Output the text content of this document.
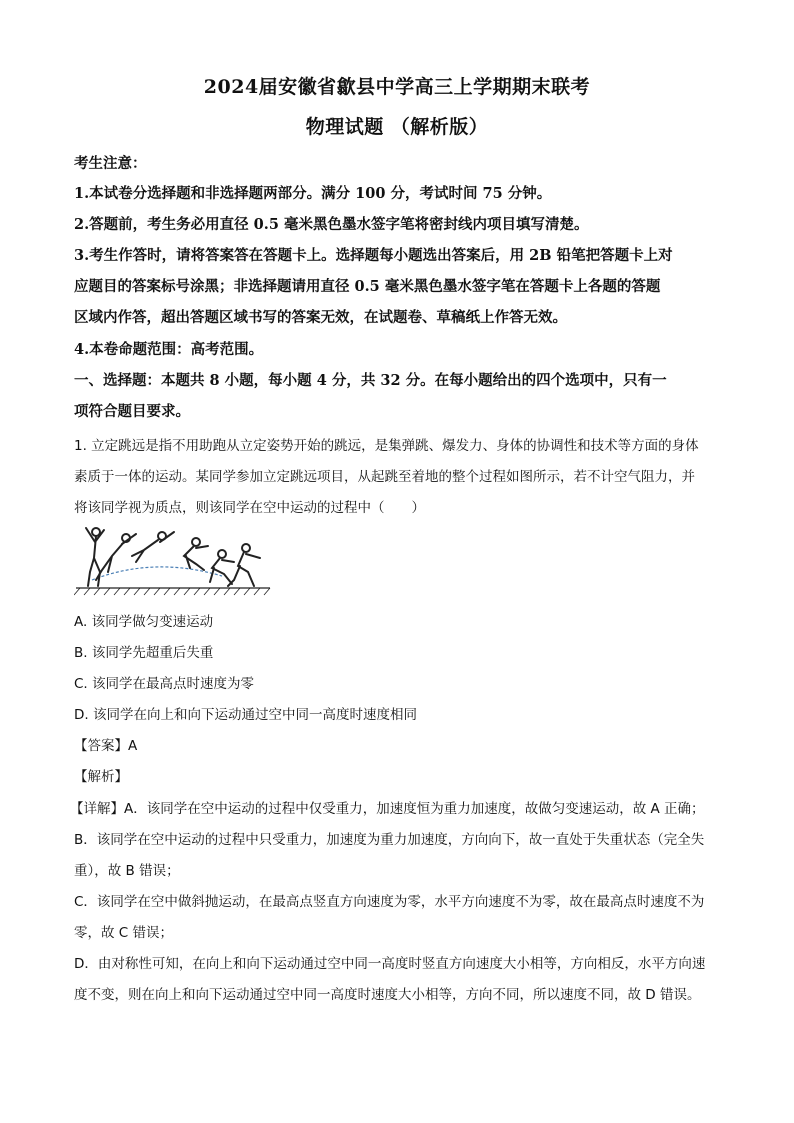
2024届安徽省歙县中学高三上学期期末联考
物理试题 （解析版）
考生注意：
1.本试卷分选择题和非选择题两部分。满分 100 分，考试时间 75 分钟。
2.答题前，考生务必用直径 0.5 毫米黑色墨水签字笔将密封线内项目填写清楚。
3.考生作答时，请将答案答在答题卡上。选择题每小题选出答案后，用 2B 铅笔把答题卡上对
应题目的答案标号涂黑；非选择题请用直径 0.5 毫米黑色墨水签字笔在答题卡上各题的答题
区域内作答，超出答题区域书写的答案无效，在试题卷、草稿纸上作答无效。
4.本卷命题范围：高考范围。
一、选择题：本题共 8 小题，每小题 4 分，共 32 分。在每小题给出的四个选项中，只有一
项符合题目要求。
1. 立定跳远是指不用助跑从立定姿势开始的跳远，是集弹跳、爆发力、身体的协调性和技术等方面的身体
素质于一体的运动。某同学参加立定跳远项目，从起跳至着地的整个过程如图所示，若不计空气阻力，并
将该同学视为质点，则该同学在空中运动的过程中（　　）
A. 该同学做匀变速运动
B. 该同学先超重后失重
C. 该同学在最高点时速度为零
D. 该同学在向上和向下运动通过空中同一高度时速度相同
【答案】A
【解析】
【详解】A．该同学在空中运动的过程中仅受重力，加速度恒为重力加速度，故做匀变速运动，故 A 正确；
B．该同学在空中运动的过程中只受重力，加速度为重力加速度，方向向下，故一直处于失重状态（完全失
重），故 B 错误；
C．该同学在空中做斜抛运动，在最高点竖直方向速度为零，水平方向速度不为零，故在最高点时速度不为
零，故 C 错误；
D．由对称性可知，在向上和向下运动通过空中同一高度时竖直方向速度大小相等，方向相反，水平方向速
度不变，则在向上和向下运动通过空中同一高度时速度大小相等，方向不同，所以速度不同，故 D 错误。
